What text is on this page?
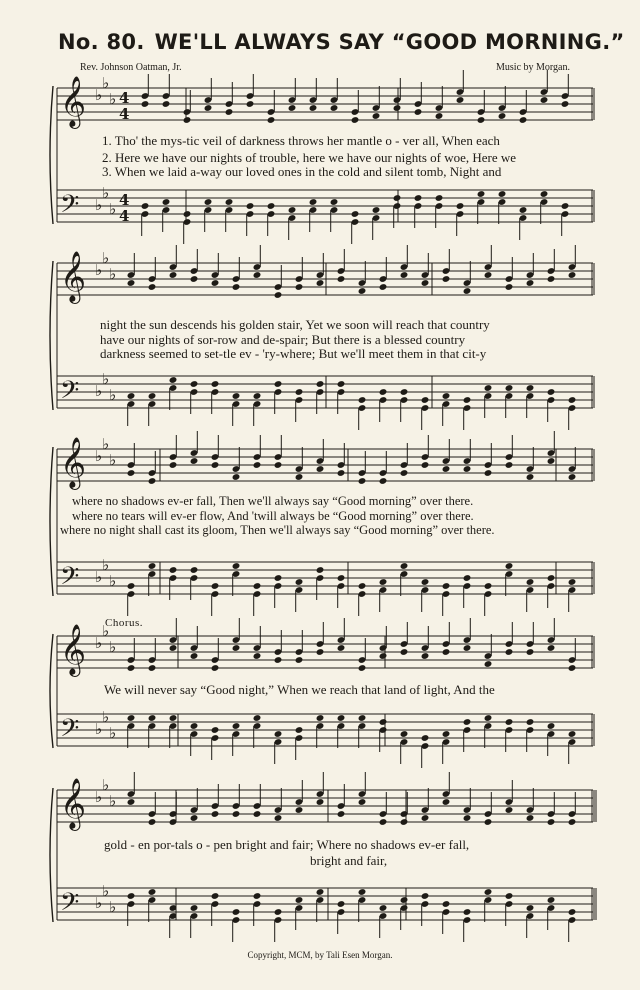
No. 80. WE'LL ALWAYS SAY “GOOD MORNING.”
Rev. Johnson Oatman, Jr.	Music by Morgan.
𝄞
𝄢
♭
♭
♭
♭
♭
♭
4
4
4
4
𝄞
𝄢
♭
♭
♭
♭
♭
♭
𝄞
𝄢
♭
♭
♭
♭
♭
♭
𝄞
𝄢
♭
♭
♭
♭
♭
♭
𝄞
𝄢
♭
♭
♭
♭
♭
♭
1. Tho' the mys-tic veil of darkness throws her mantle o - ver all, When each
2. Here we have our nights of trouble, here we have our nights of woe, Here we
3. When we laid a-way our loved ones in the cold and silent tomb, Night and
night the sun descends his golden stair, Yet we soon will reach that country
have our nights of sor-row and de-spair; But there is a blessed country
darkness seemed to set-tle ev - 'ry-where; But we'll meet them in that cit-y
where no shadows ev-er fall, Then we'll always say “Good morning” over there.
where no tears will ev-er flow, And 'twill always be “Good morning” over there.
where no night shall cast its gloom, Then we'll always say “Good morning” over there.
Chorus.
We will never say “Good night,” When we reach that land of light, And the
gold - en por-tals o - pen bright and fair; Where no shadows ev-er fall,
bright and fair,
Copyright, MCM, by Tali Esen Morgan.
